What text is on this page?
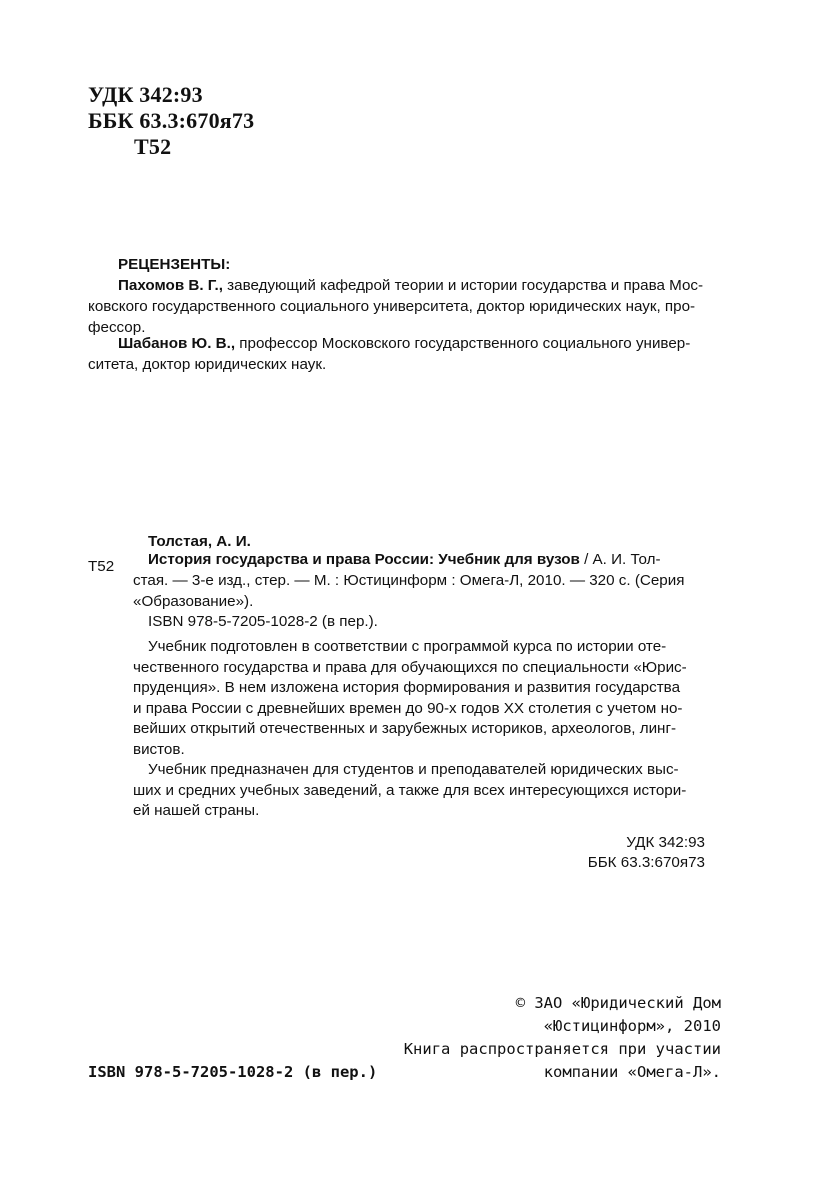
УДК 342:93
ББК 63.3:670я73
Т52
РЕЦЕНЗЕНТЫ:
Пахомов В. Г., заведующий кафедрой теории и истории государства и права Мос-
ковского государственного социального университета, доктор юридических наук, про-
фессор.
Шабанов Ю. В., профессор Московского государственного социального универ-
ситета, доктор юридических наук.
Толстая, А. И.
Т52 История государства и права России: Учебник для вузов / А. И. Тол-
стая. — 3-е изд., стер. — М. : Юстицинформ : Омега-Л, 2010. — 320 с. (Серия
«Образование»).
ISBN 978-5-7205-1028-2 (в пер.).
Учебник подготовлен в соответствии с программой курса по истории оте-
чественного государства и права для обучающихся по специальности «Юрис-
пруденция». В нем изложена история формирования и развития государства
и права России с древнейших времен до 90-х годов XX столетия с учетом но-
вейших открытий отечественных и зарубежных историков, археологов, линг-
вистов.
Учебник предназначен для студентов и преподавателей юридических выс-
ших и средних учебных заведений, а также для всех интересующихся истори-
ей нашей страны.
УДК 342:93
ББК 63.3:670я73
© ЗАО «Юридический Дом
«Юстицинформ», 2010
Книга распространяется при участии
компании «Омега-Л».
ISBN 978-5-7205-1028-2 (в пер.)
